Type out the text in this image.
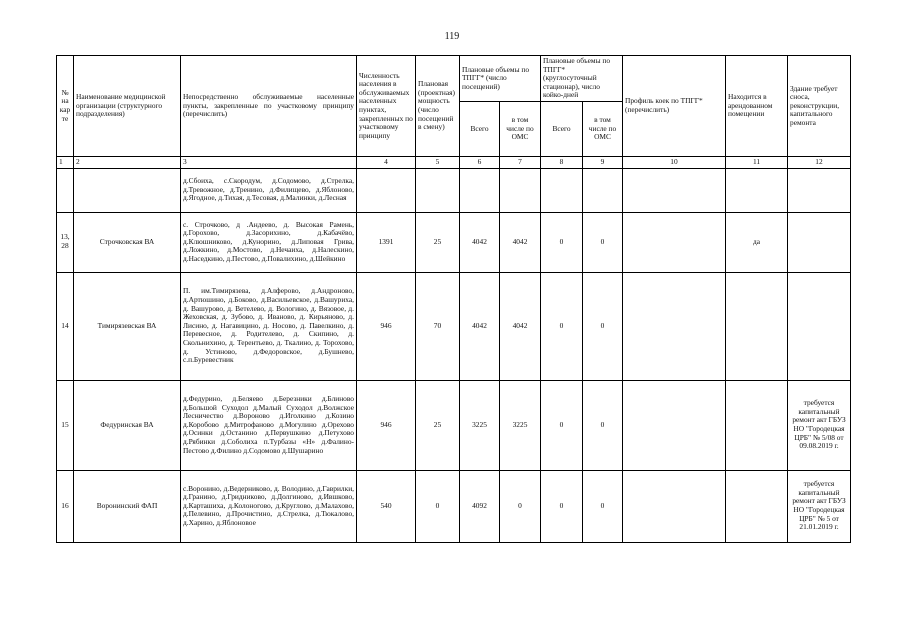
119
№ на карте	Наименование медицинской организации (структурного подразделения)	Непосредственно обслуживаемые населенные пункты, закрепленные по участковому принципу (перечислить)	Численность населения в обслуживаемых населенных пунктах, закрепленных по участковому принципу	Плановая (проектная) мощность (число посещений в смену)	Плановые объемы по ТПГГ* (число посещений)		Плановые объемы по ТПГГ* (круглосуточный стационар), число койко-дней		Профиль коек по ТПГГ* (перечислить)	Находится в арендованном помещении	Здание требует сноса, реконструкции, капитального ремонта
					Всего	в том числе по ОМС	Всего	в том числе по ОМС			
1	2	3	4	5	6	7	8	9	10	11	12
		д.Сбоиха, с.Скородум, д.Содомово, д.Стрелка, д.Тревожное, д.Тренино, д.Филищево, д.Яблоново, д.Ягодное, д.Тихая, д.Тесовая, д.Малинки, д.Лесная									
13,28	Строчковская ВА	с. Строчково, д .Андеево, д. Высокая Рамень, д.Горохово, д.Засорихино, д.Кабачёво, д.Клюшниково, д.Кунорино, д.Липовая Грива, д.Ложкино, д.Мостово, д.Нечаиха, д.Налескино, д.Наседкино, д.Пестово, д.Повалихино, д.Шейкино	1391	25	4042	4042	0	0		да	
14	Тимирязевская ВА	П. им.Тимирязева, д.Алферово, д.Андроново, д.Артюшино, д.Боково, д.Васильевское, д.Вашуриха, д. Вашурово, д. Ветелево, д. Вологино, д. Вязовое, д. Жеховская, д. Зубово, д. Иваново, д. Кирьяново, д. Лисино, д. Нагавицино, д. Носово, д. Павелкино, д. Перевесное, д. Родителево, д. Скипино, д. Скольнихино, д. Терентьево, д. Ткалино, д. Торохово, д. Устиново, д.Федоровское, д.Бушнево, с.п.Буревестник	946	70	4042	4042	0	0			
15	Федуринская ВА	д.Федурино, д.Беляево д.Березники д.Блиново д.Большой Суходол д.Малый Суходол д.Волжское Лесничество д.Вороново д.Иголкино д.Козино д.Коробово д.Митрофаново д.Могулино д.Орехово д.Осинки д.Останино д.Первушкино д.Петухово д.Рябинки д.Соболиха п.Турбазы «Н» д.Фалино-Пестово д.Филино д.Содомово д.Шушарино	946	25	3225	3225	0	0			требуется капитальный ремонт акт ГБУЗ НО "Городецкая ЦРБ" № 5/08 от 09.08.2019 г.
16	Воронинский ФАП	с.Воронино, д.Ведерниково, д. Володино, д.Гаврилки, д.Гранино, д.Гридниково, д.Долгиново, д.Ившково, д.Карташиха, д.Колоногово, д.Круглово, д.Малахово, д.Пелевино, д.Прочистино, д.Стрелка, д.Тюкалово, д.Харино, д.Яблоновое	540	0	4092	0	0	0			требуется капитальный ремонт акт ГБУЗ НО "Городецкая ЦРБ" № 5 от 21.01.2019 г.
